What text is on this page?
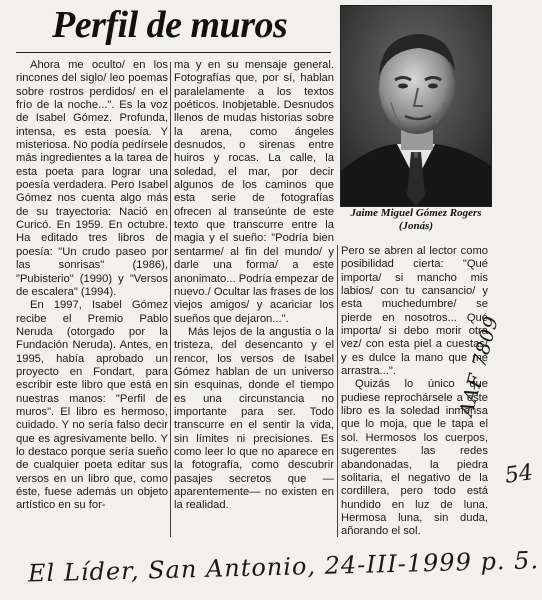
Perfil de muros

Ahora me oculto/ en los rincones del siglo/ leo poemas sobre rostros perdidos/ en el frío de la noche...". Es la voz de Isabel Gómez. Profunda, intensa, es esta poesía. Y misteriosa. No podía pedírsele más ingredientes a la tarea de esta poeta para lograr una poesía verdadera. Pero Isabel Gómez nos cuenta algo más de su trayectoria: Nació en Curicó. En 1959. En octubre. Ha editado tres libros de poesía: "Un crudo paseo por las sonrisas" (1986), "Pubisterio" (1990) y "Versos de escalera" (1994).

En 1997, Isabel Gómez recibe el Premio Pablo Neruda (otorgado por la Fundación Neruda). Antes, en 1995, había aprobado un proyecto en Fondart, para escribir este libro que está en nuestras manos: "Perfil de muros". El libro es hermoso, cuidado. Y no sería falso decir que es agresivamente bello. Y lo destaco porque sería sueño de cualquier poeta editar sus versos en un libro que, como éste, fuese además un objeto artístico en su for-

ma y en su mensaje general. Fotografías que, por sí, hablan paralelamente a los textos poéticos. Inobjetable. Desnudos llenos de mudas historias sobre la arena, como ángeles desnudos, o sirenas entre huiros y rocas. La calle, la soledad, el mar, por decir algunos de los caminos que esta serie de fotografías ofrecen al transeúnte de este texto que transcurre entre la magia y el sueño: "Podría bien sentarme/ al fin del mundo/ y darle una forma/ a este anonimato... Podría empezar de nuevo./ Ocultar las frases de los viejos amigos/ y acariciar los sueños que dejaron...".

Más lejos de la angustia o la tristeza, del desencanto y el rencor, los versos de Isabel Gómez hablan de un universo sin esquinas, donde el tiempo es una circunstancia no importante para ser. Todo transcurre en el sentir la vida, sin límites ni precisiones. Es como leer lo que no aparece en la fotografía, como descubrir pasajes secretos que —aparentemente— no existen en la realidad.

Jaime Miguel Gómez Rogers (Jonás)

Pero se abren al lector como posibilidad cierta: "Qué importa/ si mancho mis labios/ con tu cansancio/ y esta muchedumbre/ se pierde en nosotros... Qué importa/ si debo morir otra vez/ con esta piel a cuestas/ y es dulce la mano que me arrastra...".

Quizás lo único que pudiese reprochársele a este libro es la soledad inmensa que lo moja, que le tapa el sol. Hermosos los cuerpos, sugerentes las redes abandonadas, la piedra solitaria, el negativo de la cordillera, pero todo está hundido en luz de luna. Hermosa luna, sin duda, añorando el sol.

AAF 7809
54
El Líder, San Antonio, 24-III-1999 p. 5.
